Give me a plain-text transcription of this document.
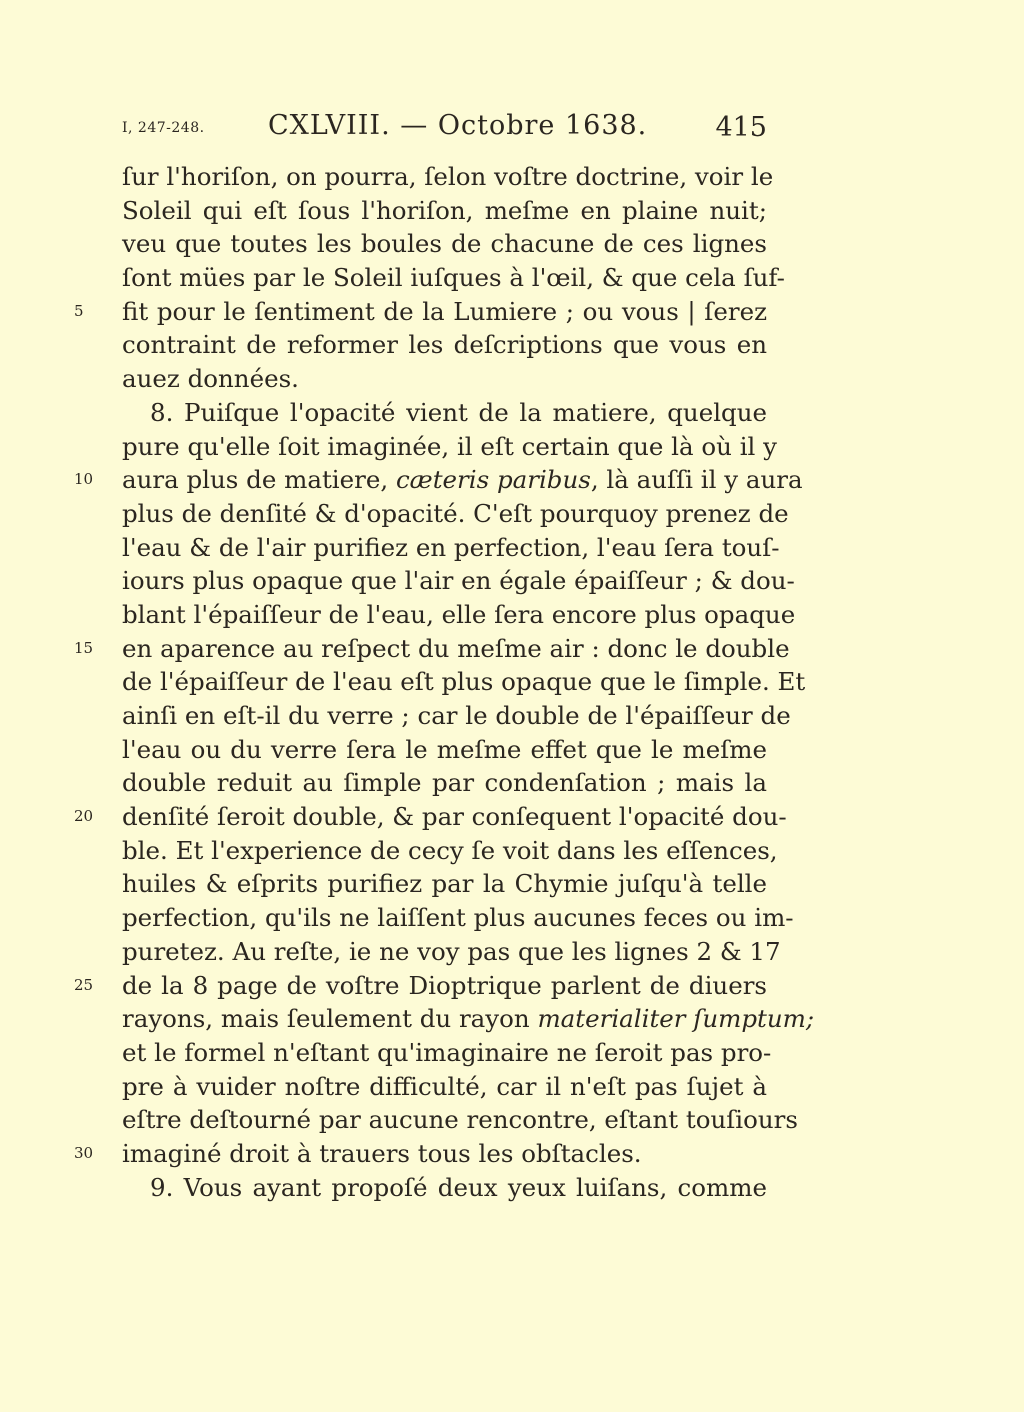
I, 247-248. CXLVIII. — Octobre 1638.	415
ſur l'horiſon, on pourra, ſelon voſtre doctrine, voir le
Soleil qui eſt ſous l'horiſon, meſme en plaine nuit;
veu que toutes les boules de chacune de ces lignes
ſont mües par le Soleil iuſques à l'œil, & que cela ſuf-
5	fit pour le ſentiment de la Lumiere ; ou vous | ſerez
contraint de reformer les deſcriptions que vous en
auez données.
8. Puiſque l'opacité vient de la matiere, quelque
pure qu'elle ſoit imaginée, il eſt certain que là où il y
10 aura plus de matiere, cæteris paribus, là auſſi il y aura
plus de denſité & d'opacité. C'eſt pourquoy prenez de
l'eau & de l'air purifiez en perfection, l'eau ſera touſ-
iours plus opaque que l'air en égale épaiſſeur ; & dou-
blant l'épaiſſeur de l'eau, elle ſera encore plus opaque
15 en aparence au reſpect du meſme air : donc le double
de l'épaiſſeur de l'eau eſt plus opaque que le ſimple. Et
ainſi en eſt-il du verre ; car le double de l'épaiſſeur de
l'eau ou du verre ſera le meſme effet que le meſme
double reduit au ſimple par condenſation ; mais la
20 denſité ſeroit double, & par conſequent l'opacité dou-
ble. Et l'experience de cecy ſe voit dans les eſſences,
huiles & eſprits purifiez par la Chymie juſqu'à telle
perfection, qu'ils ne laiſſent plus aucunes feces ou im-
puretez. Au reſte, ie ne voy pas que les lignes 2 & 17
25 de la 8 page de voſtre Dioptrique parlent de diuers
rayons, mais ſeulement du rayon materialiter ſumptum;
et le formel n'eſtant qu'imaginaire ne ſeroit pas pro-
pre à vuider noſtre difficulté, car il n'eſt pas ſujet à
eſtre deſtourné par aucune rencontre, eſtant touſiours
30 imaginé droit à trauers tous les obſtacles.
9. Vous ayant propoſé deux yeux luiſans, comme
